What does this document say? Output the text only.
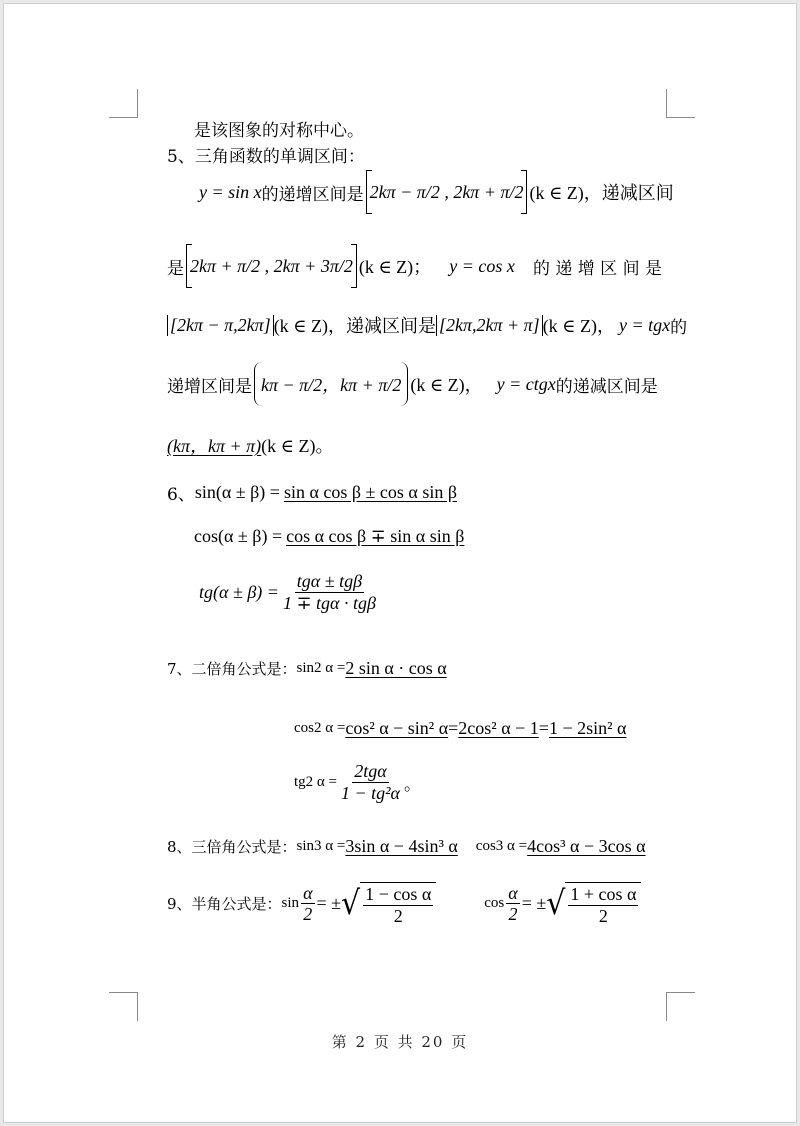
是该图象的对称中心。
5、三角函数的单调区间：
y = sin x 的递增区间是 2kπ − π/2 , 2kπ + π/2 (k ∈ Z)，递减区间
是 2kπ + π/2 , 2kπ + 3π/2 (k ∈ Z)； y = cos x 的 递 增 区 间 是
[2kπ − π,2kπ] (k ∈ Z)，递减区间是 [2kπ,2kπ + π] (k ∈ Z)， y = tgx 的
递增区间是 kπ − π/2，kπ + π/2 (k ∈ Z)， y = ctgx 的递减区间是
(kπ，kπ + π) (k ∈ Z)。
6、 sin(α ± β) = sin α cos β ± cos α sin β
cos(α ± β) = cos α cos β ∓ sin α sin β
$tg(\alpha \pm \beta) = \frac{\text{tgα ± tgβ}}{\text{1 ∓ tgα · tgβ}}$
7、二倍角公式是： sin2 α = 2 sin α · cos α
cos2 α = cos² α − sin² α = 2cos² α − 1 = 1 − 2sin² α
tg2 $\alpha = \frac{\text{2tgα}}{\text{1 − tg²α}}$ 。
8、三倍角公式是： sin3 α = 3sin α − 4sin³ α cos3 α = 4cos³ α − 3cos α
9、半角公式是： $\sin \frac{\alpha}{2}$ = ± √ $\frac{\text{1 − cos α}}{2}$	$\cos \frac{\alpha}{2}$ = ± √ $\frac{\text{1 + cos α}}{2}$
第 2 页 共 20 页
